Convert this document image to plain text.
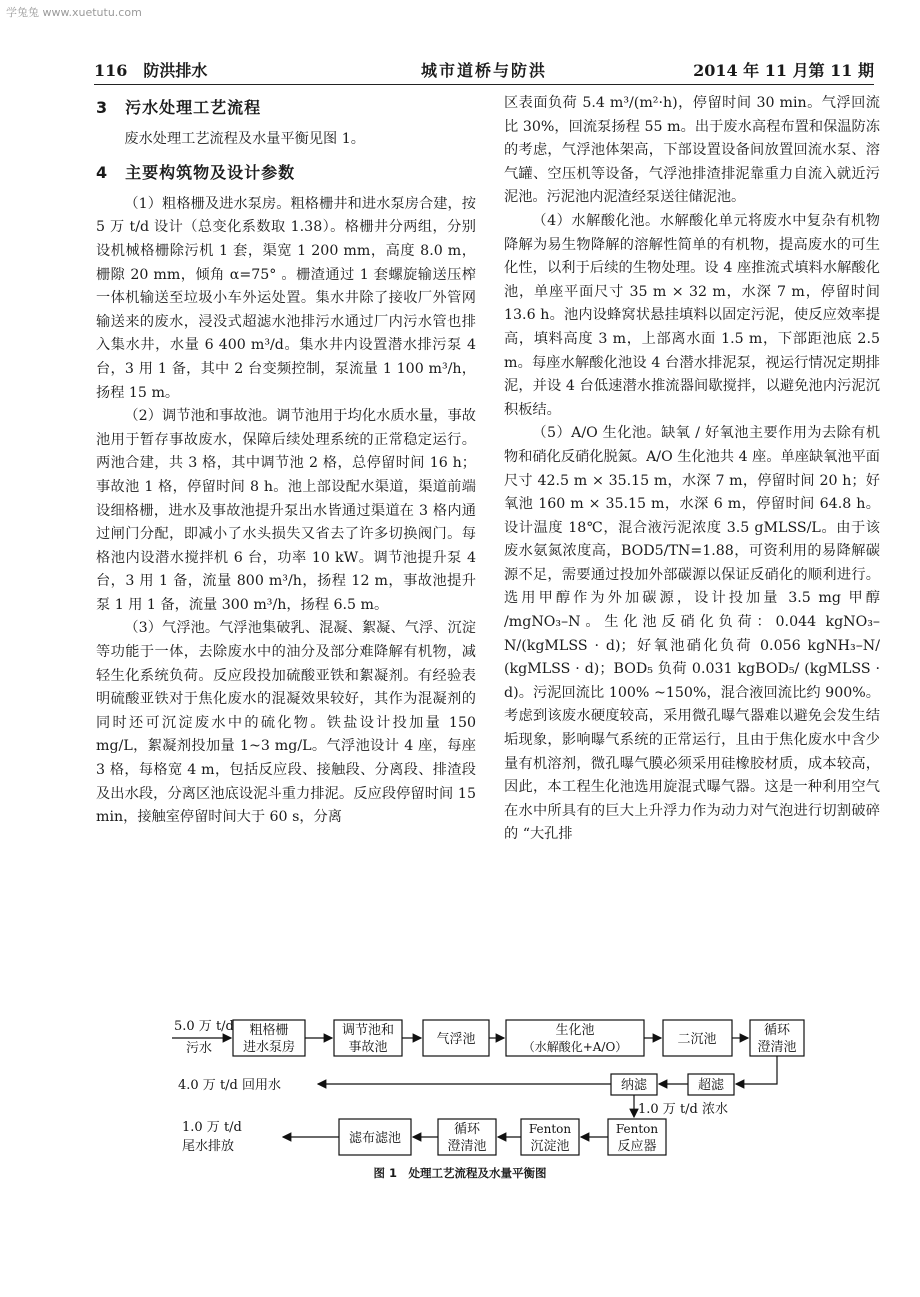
学兔兔 www.xuetutu.com
116　防洪排水	城市道桥与防洪	2014 年 11 月第 11 期
3　污水处理工艺流程

废水处理工艺流程及水量平衡见图 1。

4　主要构筑物及设计参数

（1）粗格栅及进水泵房。粗格栅井和进水泵房合建，按 5 万 t/d 设计（总变化系数取 1.38）。格栅井分两组，分别设机械格栅除污机 1 套，渠宽 1 200 mm，高度 8.0 m，栅隙 20 mm，倾角 α=75° 。栅渣通过 1 套螺旋输送压榨一体机输送至垃圾小车外运处置。集水井除了接收厂外管网输送来的废水，浸没式超滤水池排污水通过厂内污水管也排入集水井，水量 6 400 m³/d。集水井内设置潜水排污泵 4 台，3 用 1 备，其中 2 台变频控制，泵流量 1 100 m³/h，扬程 15 m。

（2）调节池和事故池。调节池用于均化水质水量，事故池用于暂存事故废水，保障后续处理系统的正常稳定运行。两池合建，共 3 格，其中调节池 2 格，总停留时间 16 h；事故池 1 格，停留时间 8 h。池上部设配水渠道，渠道前端设细格栅，进水及事故池提升泵出水皆通过渠道在 3 格内通过闸门分配，即减小了水头损失又省去了许多切换阀门。每格池内设潜水搅拌机 6 台，功率 10 kW。调节池提升泵 4 台，3 用 1 备，流量 800 m³/h，扬程 12 m，事故池提升泵 1 用 1 备，流量 300 m³/h，扬程 6.5 m。

（3）气浮池。气浮池集破乳、混凝、絮凝、气浮、沉淀等功能于一体，去除废水中的油分及部分难降解有机物，减轻生化系统负荷。反应段投加硫酸亚铁和絮凝剂。有经验表明硫酸亚铁对于焦化废水的混凝效果较好，其作为混凝剂的同时还可沉淀废水中的硫化物。铁盐设计投加量 150 mg/L，絮凝剂投加量 1~3 mg/L。气浮池设计 4 座，每座 3 格，每格宽 4 m，包括反应段、接触段、分离段、排渣段及出水段，分离区池底设泥斗重力排泥。反应段停留时间 15 min，接触室停留时间大于 60 s，分离

区表面负荷 5.4 m³/(m²·h)，停留时间 30 min。气浮回流比 30%，回流泵扬程 55 m。出于废水高程布置和保温防冻的考虑，气浮池体架高，下部设置设备间放置回流水泵、溶气罐、空压机等设备，气浮池排渣排泥靠重力自流入就近污泥池。污泥池内泥渣经泵送往储泥池。

（4）水解酸化池。水解酸化单元将废水中复杂有机物降解为易生物降解的溶解性简单的有机物，提高废水的可生化性，以利于后续的生物处理。设 4 座推流式填料水解酸化池，单座平面尺寸 35 m × 32 m，水深 7 m，停留时间 13.6 h。池内设蜂窝状悬挂填料以固定污泥，使反应效率提高，填料高度 3 m，上部离水面 1.5 m，下部距池底 2.5 m。每座水解酸化池设 4 台潜水排泥泵，视运行情况定期排泥，并设 4 台低速潜水推流器间歇搅拌，以避免池内污泥沉积板结。

（5）A/O 生化池。缺氧 / 好氧池主要作用为去除有机物和硝化反硝化脱氮。A/O 生化池共 4 座。单座缺氧池平面尺寸 42.5 m × 35.15 m，水深 7 m，停留时间 20 h；好氧池 160 m × 35.15 m，水深 6 m，停留时间 64.8 h。设计温度 18℃，混合液污泥浓度 3.5 gMLSS/L。由于该废水氨氮浓度高，BOD5/TN=1.88，可资利用的易降解碳源不足，需要通过投加外部碳源以保证反硝化的顺利进行。选用甲醇作为外加碳源，设计投加量 3.5 mg 甲醇 /mgNO₃–N。生化池反硝化负荷：0.044 kgNO₃–N/(kgMLSS · d)；好氧池硝化负荷 0.056 kgNH₃–N/ (kgMLSS · d)；BOD₅ 负荷 0.031 kgBOD₅/ (kgMLSS · d)。污泥回流比 100% ~150%，混合液回流比约 900%。考虑到该废水硬度较高，采用微孔曝气器难以避免会发生结垢现象，影响曝气系统的正常运行，且由于焦化废水中含少量有机溶剂，微孔曝气膜必须采用硅橡胶材质，成本较高，因此，本工程生化池选用旋混式曝气器。这是一种利用空气在水中所具有的巨大上升浮力作为动力对气泡进行切割破碎的 “大孔排

粗格栅
进水泵房
调节池和
事故池
气浮池
生化池
（水解酸化+A/O）	二沉池
循环
澄清池
超滤
纳滤
Fenton
反应器
Fenton
沉淀池
循环
澄清池
滤布滤池
5.0 万 t/d
污水
4.0 万 t/d 回用水
1.0 万 t/d 浓水
1.0 万 t/d
尾水排放
图 1　处理工艺流程及水量平衡图
